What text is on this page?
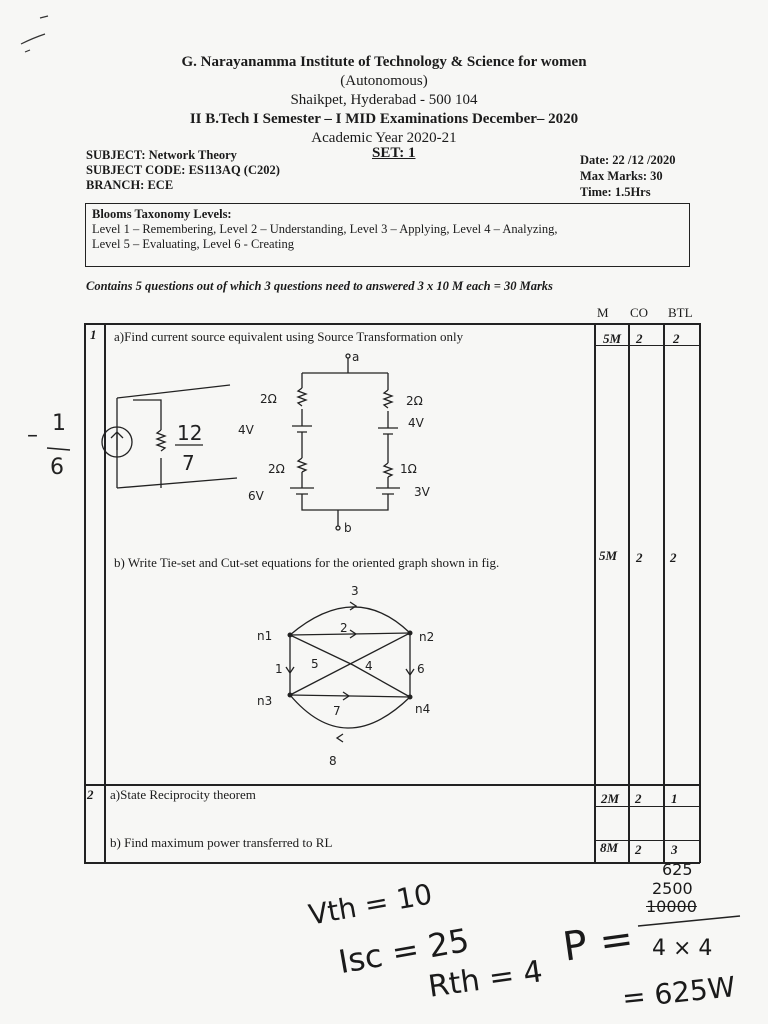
G. Narayanamma Institute of Technology & Science for women
(Autonomous)
Shaikpet, Hyderabad - 500 104
II B.Tech I Semester – I MID Examinations December– 2020
Academic Year 2020-21
SUBJECT: Network Theory	SET: 1	Date: 22 /12 /2020
SUBJECT CODE: ES113AQ (C202)	Max Marks: 30
BRANCH: ECE	Time: 1.5Hrs
Blooms Taxonomy Levels:
Level 1 – Remembering, Level 2 – Understanding, Level 3 – Applying, Level 4 – Analyzing,
Level 5 – Evaluating, Level 6 - Creating
Contains 5 questions out of which 3 questions need to answered 3 x 10 M each = 30 Marks
M CO BTL
1 a)Find current source equivalent using Source Transformation only	5M 2 2
b) Write Tie-set and Cut-set equations for the oriented graph shown in fig.	5M 2 2
2 a)State Reciprocity theorem	2M 2 1
b) Find maximum power transferred to RL	8M 2 3
a
b
2Ω	2Ω
2Ω	1Ω
4V	4V
6V	3V
– 1
6
12
7
n1	n2
n3
n4
1
2
3
4
5	6
7
8
Vth = 10
Isc = 25
Rth = 4
P =
625
2500
10000
4 × 4
= 625W
